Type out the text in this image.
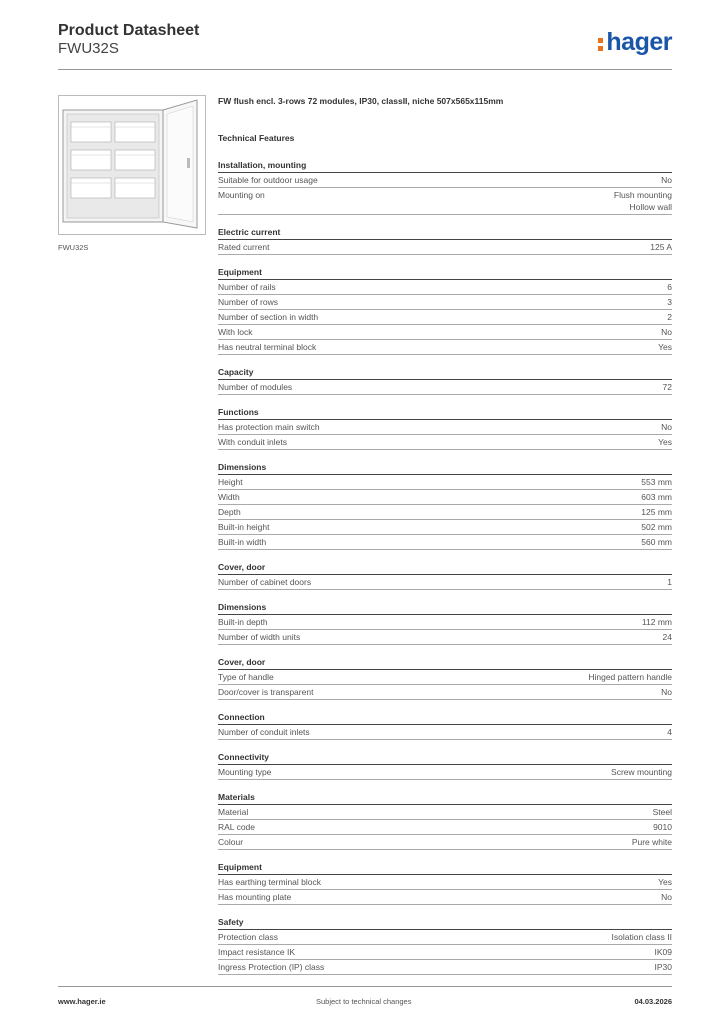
Product Datasheet
FWU32S	hager
FWU32S
FW flush encl. 3-rows 72 modules, IP30, classII, niche 507x565x115mm
Technical Features
Installation, mounting
Suitable for outdoor usage	No
Mounting on	Flush mounting
Hollow wall
Electric current
Rated current	125 A
Equipment
Number of rails	6
Number of rows	3
Number of section in width	2
With lock	No
Has neutral terminal block	Yes
Capacity
Number of modules	72
Functions
Has protection main switch	No
With conduit inlets	Yes
Dimensions
Height	553 mm
Width	603 mm
Depth	125 mm
Built-in height	502 mm
Built-in width	560 mm
Cover, door
Number of cabinet doors	1
Dimensions
Built-in depth	112 mm
Number of width units	24
Cover, door
Type of handle	Hinged pattern handle
Door/cover is transparent	No
Connection
Number of conduit inlets	4
Connectivity
Mounting type	Screw mounting
Materials
Material	Steel
RAL code	9010
Colour	Pure white
Equipment
Has earthing terminal block	Yes
Has mounting plate	No
Safety
Protection class	Isolation class II
Impact resistance IK	IK09
Ingress Protection (IP) class	IP30
www.hager.ie	Subject to technical changes	04.03.2026
